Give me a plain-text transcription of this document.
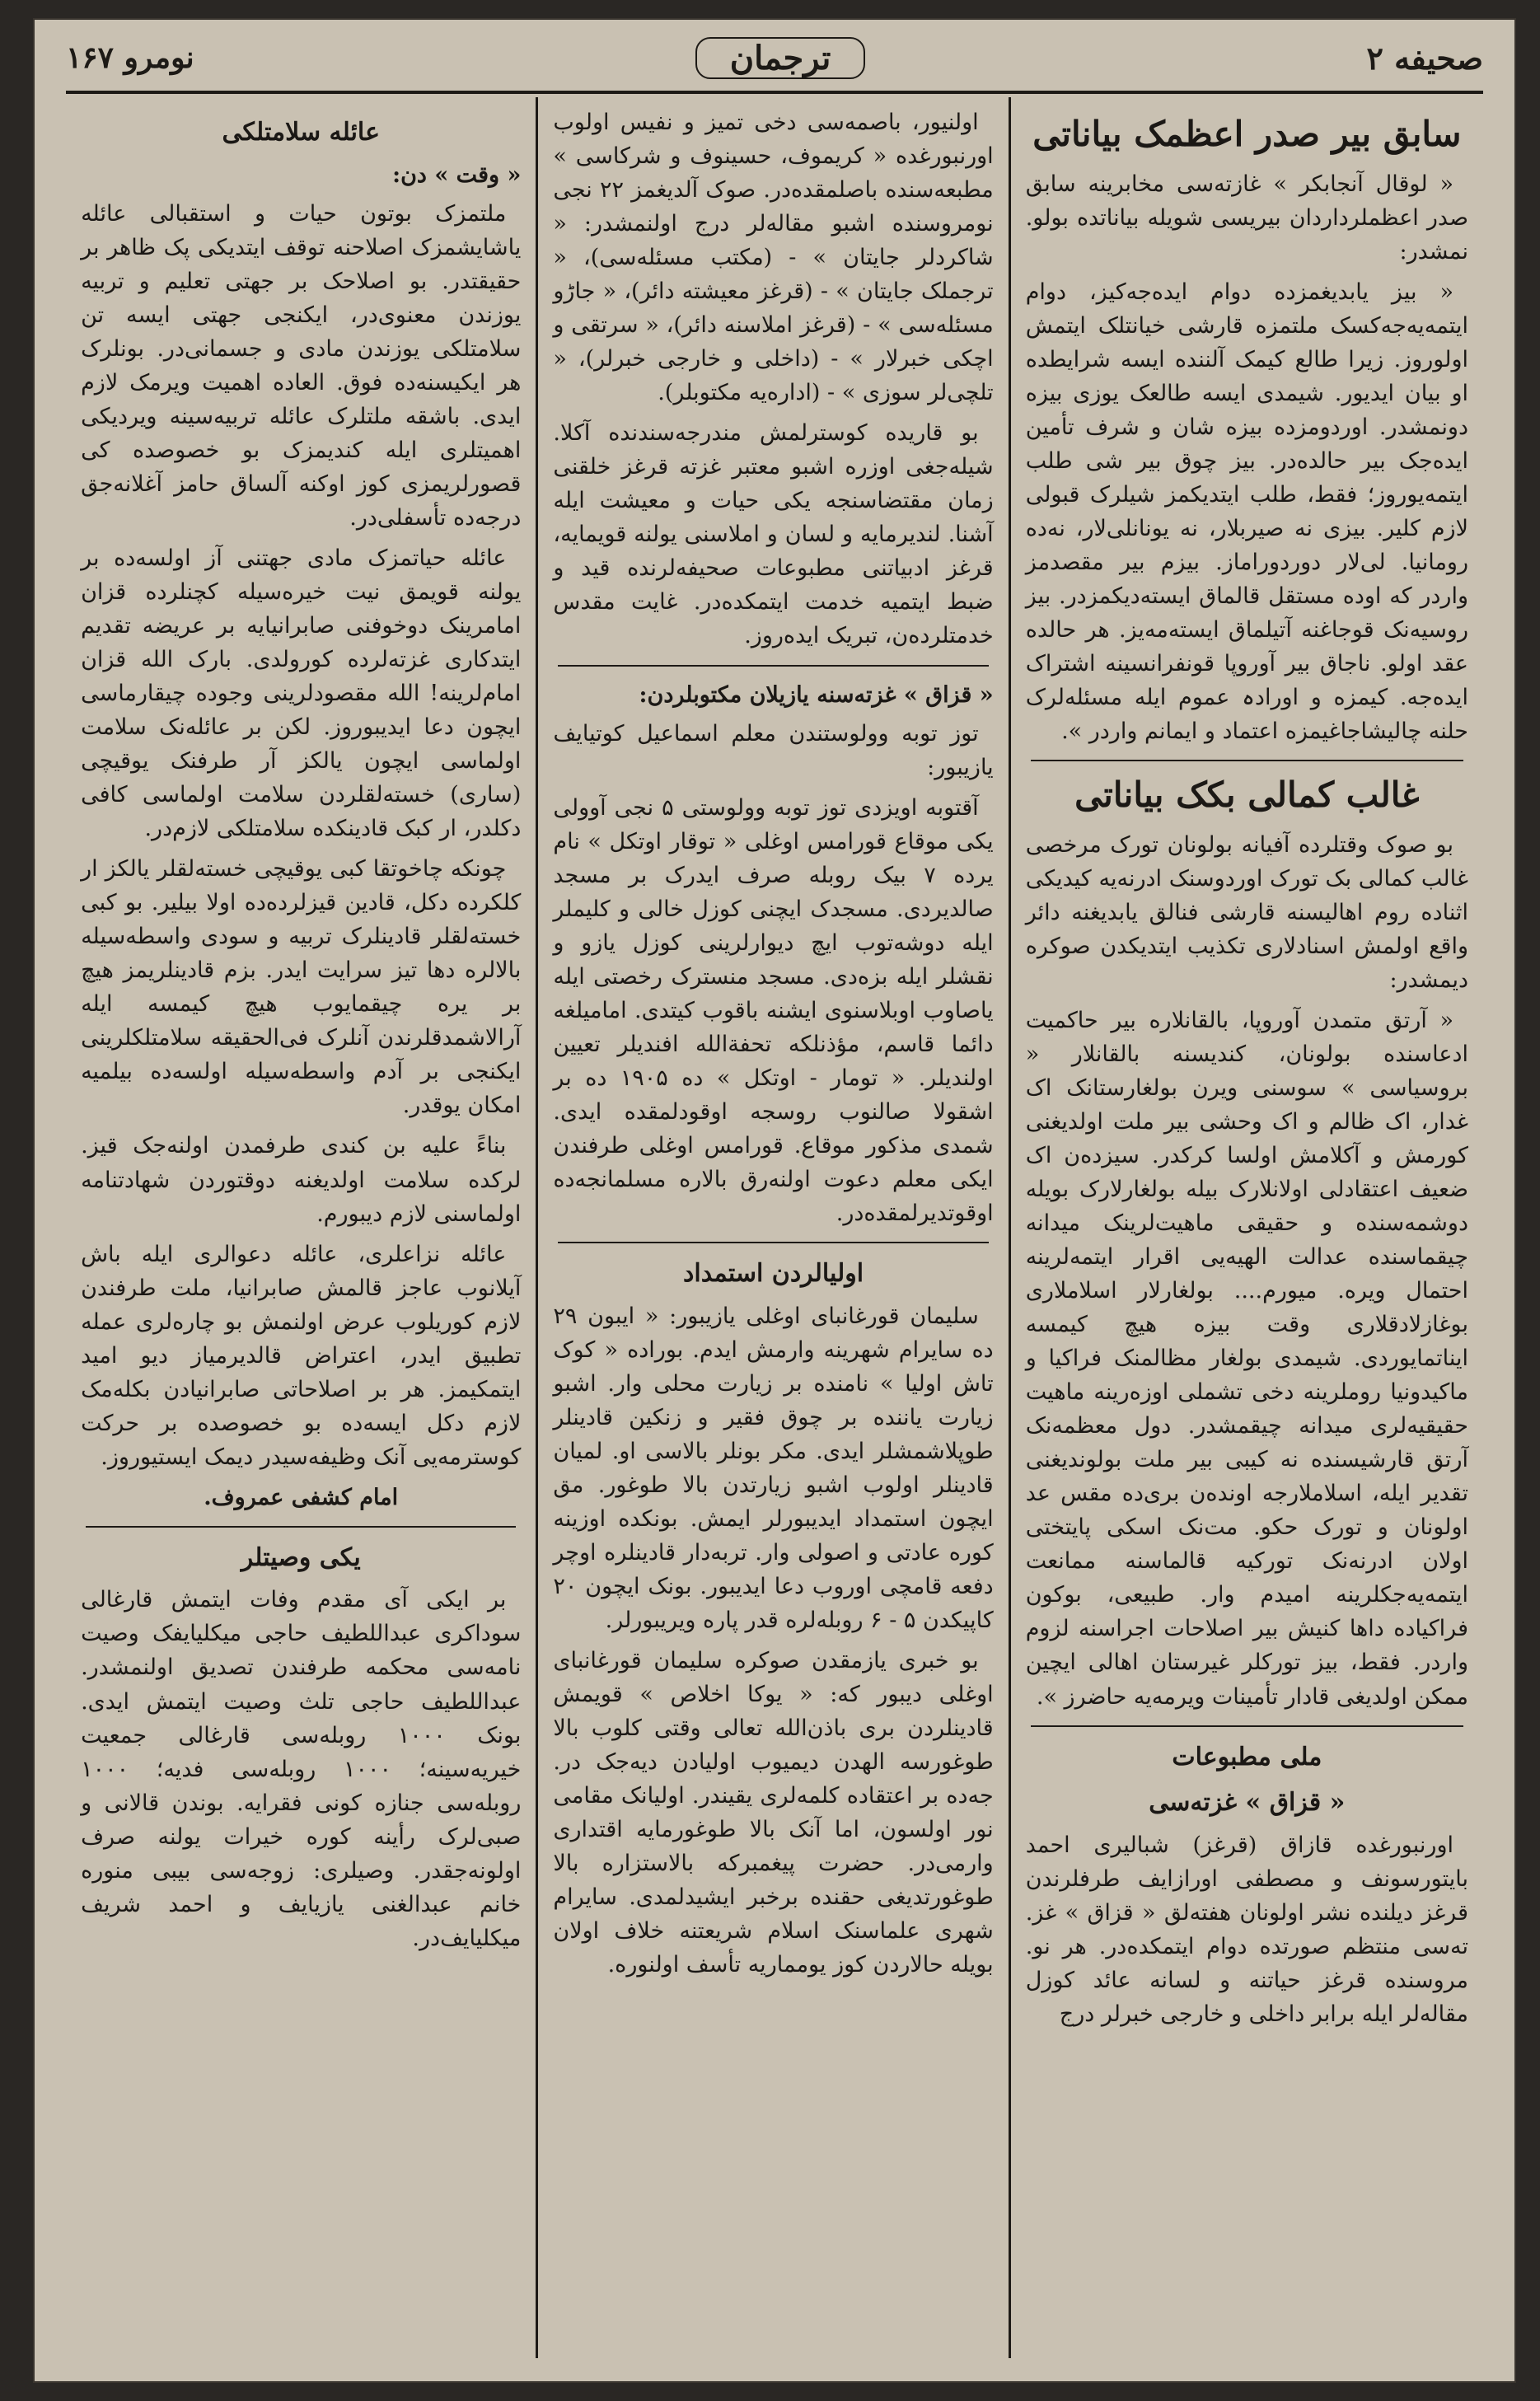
صحیفه ۲
ترجمان
نومرو ۱۶۷
سابق بیر صدر اعظمک بیاناتی

« لوقال آنجابکر » غازته‌سی مخابرینه سابق صدر اعظملرداردان بیریسی شویله بیاناتده بولو. نمشدر:

« بیز یابدیغمزده دوام ایده‌جه‌کیز، دوام ایتمه‌یه‌جه‌کسک ملتمزه قارشی خیانتلک ایتمش اولوروز. زیرا طالع کیمک آلننده ایسه شرایطده او بیان ایدیور. شیمدی ایسه طالعک یوزی بیزه دونمشدر. اوردومزده بیزه شان و شرف تأمین ایده‌جک بیر حالده‌در. بیز چوق بیر شی طلب ایتمه‌یوروز؛ فقط، طلب ایتدیکمز شیلرک قبولی لازم کلیر. بیزی نه صیربلار، نه یونانلی‌لار، نه‌ده رومانیا. لی‌لار دوردوراماز. بیزم بیر مقصدمز واردر که اوده مستقل قالماق ایسته‌دیکمزدر. بیز روسیه‌نک قوجاغنه آتیلماق ایسته‌مه‌یز. هر حالده عقد اولو. ناجاق بیر آوروپا قونفرانسینه اشتراک ایده‌جه. کیمزه و اورادہ عموم ایله مسئله‌لرک حلنه چالیشاجاغیمزه اعتماد و ایمانم واردر ».

غالب کمالی بکک بیاناتی

بو صوک وقتلرده آفیانه بولونان تورک مرخصی غالب کمالی بک تورک اوردوسنک ادرنه‌یه کیدیکی اثناده روم اهالیسنه قارشی فنالق یابدیغنه دائر واقع اولمش اسنادلاری تکذیب ایتدیکدن صوکره دیمشدر:

« آرتق متمدن آوروپا، بالقانلاره بیر حاکمیت ادعاسنده بولونان، کندیسنه بالقانلار « بروسیاسی » سوسنی ویرن بولغارستانک اک غدار، اک ظالم و اک وحشی بیر ملت اولدیغنی کورمش و آکلامش اولسا کرکدر. سیزده‌ن اک ضعیف اعتقادلی اولانلارک بیله بولغارلارک بویله دوشمه‌سنده و حقیقی ماهیت‌لرینک میدانه چیقماسنده عدالت الهیه‌یی اقرار ایتمه‌لرینه احتمال ویره. میورم.... بولغارلار اسلاملاری بوغازلادقلاری وقت بیزه هیچ کیمسه ایناتمایوردی. شیمدی بولغار مظالمنک فراکیا و ماکیدونیا روملرینه دخی تشملی اوزه‌رینه ماهیت حقیقیه‌لری میدانه چیقمشدر. دول معظمه‌نک آرتق قارشیسنده نه کیبی بیر ملت بولوندیغنی تقدیر ایله، اسلاملارجه اونده‌ن بری‌ده مقس عد اولونان و تورک حکو. مت‌نک اسکی پایتختی اولان ادرنه‌نک تورکیه قالماسنه ممانعت ایتمه‌یه‌جکلرینه امیدم وار. طبیعی، بوکون فراکیاده داها کنیش بیر اصلاحات اجراسنه لزوم واردر. فقط، بیز تورکلر غیرستان اهالی ایچین ممکن اولدیغی قادار تأمینات ویرمه‌یه حاضرز ».

ملی مطبوعات
« قزاق » غزته‌سی

اورنبورغده قازاق (قرغز) شبالیری احمد بایتورسونف و مصطفی اورازایف طرفلرندن قرغز دیلنده نشر اولونان هفته‌لق « قزاق » غز. ته‌سی منتظم صورتده دوام ایتمکده‌در. هر نو. مروسنده قرغز حیاتنه و لسانه عائد کوزل مقاله‌لر ایله برابر داخلی و خارجی خبرلر درج

اولنیور، باصمه‌سی دخی تمیز و نفیس اولوب اورنبورغده « کریموف، حسینوف و شرکاسی » مطبعه‌سنده باصلمقده‌در. صوک آلدیغمز ۲۲ نجی نومروسنده اشبو مقاله‌لر درج اولنمشدر: « شاکردلر جایتان » - (مکتب مسئله‌سی)، « ترجملک جایتان » - (قرغز معیشته دائر)، « جاڑو مسئله‌سی » - (قرغز املاسنه دائر)، « سرتقی و اچکی خبرلار » - (داخلی و خارجی خبرلر)، « تلچی‌لر سوزی » - (اداره‌یه مکتوبلر).

بو قاریده کوسترلمش مندرجه‌سندنده آکلا. شیله‌جغی اوزره اشبو معتبر غزته قرغز خلقنی زمان مقتضاسنجه یکی حیات و معیشت ایله آشنا. لندیرمایه و لسان و املاسنی یولنه قویمایه، قرغز ادبیاتنی مطبوعات صحیفه‌لرنده قید و ضبط ایتمیه خدمت ایتمکده‌در. غایت مقدس خدمتلرده‌ن، تبریک ایده‌روز.

« قزاق » غزته‌سنه یازیلان مکتوبلردن:

توز توبه وولوستندن معلم اسماعیل کوتیایف یازیبور:

آقتوبه اویزدی توز توبه وولوستی ۵ نجی آوولی یکی موقاع قورامس اوغلی « توقار اوتکل » نام یرده ۷ بیک روبله صرف ایدرک بر مسجد صالدیردی. مسجدک ایچنی کوزل خالی و کلیملر ایله دوشه‌توب ایچ دیوارلرینی کوزل یازو و نقشلر ایله بزه‌دی. مسجد منسترک رخصتی ایله یاصاوب اوبلاسنوی ایشنه باقوب کیتدی. امامیلغه دائما قاسم، مؤذنلکه تحفةالله افندیلر تعیین اولندیلر. « تومار - اوتکل » ده ۱۹۰۵ ده بر اشقولا صالنوب روسجه اوقودلمقده ایدی. شمدی مذکور موقاع. قورامس اوغلی طرفندن ایکی معلم دعوت اولنه‌رق بالاره مسلمانجه‌ده اوقوتدیرلمقده‌در.

اولیالردن استمداد

سلیمان قورغانبای اوغلی یازیبور: « ایبون ۲۹ ده سایرام شهرینه وارمش ایدم. بوراده « کوک تاش اولیا » نامنده بر زیارت محلی وار. اشبو زیارت یاننده بر چوق فقیر و زنکین قادینلر طوپلاشمشلر ایدی. مکر بونلر بالاسی او. لمیان قادینلر اولوب اشبو زیارتدن بالا طوغور. مق ایچون استمداد ایدیبورلر ایمش. بونکده اوزینه کوره عادتی و اصولی وار. تربه‌دار قادینلره اوچر دفعه قامچی اوروب دعا ایدیبور. بونک ایچون ۲۰ کاپیکدن ۵ - ۶ روبله‌لره قدر پاره ویریبورلر.

بو خبری یازمقدن صوکره سلیمان قورغانبای اوغلی دیبور که: « یوکا اخلاص » قویمش قادینلردن بری باذن‌الله تعالی وقتی کلوب بالا طوغورسه الهدن دیمیوب اولیادن دیه‌جک در. جه‌ده بر اعتقاده کلمه‌لری یقیندر. اولیانک مقامی نور اولسون، اما آنک بالا طوغورمایه اقتداری وارمی‌در. حضرت پیغمبرکه بالاستزاره بالا طوغورتدیغی حقنده برخبر ایشیدلمدی. سایرام شهری علماسنک اسلام شریعتنه خلاف اولان بویله حالاردن کوز یومماریه تأسف اولنوره.

عائله سلامتلکی
« وقت » دن:

ملتمزک بوتون حیات و استقبالی عائله یاشایشمزک اصلاحنه توقف ایتدیکی پک ظاهر بر حقیقتدر. بو اصلاحک بر جهتی تعلیم و تربیه یوزندن معنوی‌در، ایکنجی جهتی ایسه تن سلامتلکی یوزندن مادی و جسمانی‌در. بونلرک هر ایکیسنه‌ده فوق. العاده اهمیت ویرمک لازم ایدی. باشقه ملتلرک عائله تربیه‌سینه ویردیکی اهمیتلری ایله کندیمزک بو خصوصده کی قصورلریمزی کوز اوکنه آلساق حامز آغلانه‌جق درجه‌ده تأسفلی‌در.

عائله حیاتمزک مادی جهتنی آز اولسه‌ده بر یولنه قویمق نیت خیره‌سیله کچنلرده قزان امامرینک دوخوفنی صابرانیایه بر عریضه تقدیم ایتدکاری غزته‌لرده کورولدی. بارک الله قزان امام‌لرینه! الله مقصودلرینی وجوده چیقارماسی ایچون دعا ایدیبوروز. لکن بر عائله‌نک سلامت اولماسی ایچون یالکز آر طرفنک یوقیچی (ساری) خسته‌لقلردن سلامت اولماسی کافی دکلدر، ار کبک قادینکده سلامتلکی لازم‌در.

چونکه چاخوتقا کبی یوقیچی خسته‌لقلر یالکز ار کلکرده دکل، قادین قیزلرده‌ده اولا بیلیر. بو کبی خسته‌لقلر قادینلرک تربیه و سودی واسطه‌سیله بالالره دها تیز سرایت ایدر. بزم قادینلریمز هیچ بر یره چیقمایوب هیچ کیمسه ایله آرالاشمدقلرندن آنلرک فی‌الحقیقه سلامتلکلرینی ایکنجی بر آدم واسطه‌سیله اولسه‌ده بیلمیه امکان یوقدر.

بناءً علیه بن کندی طرفمدن اولنه‌جک قیز. لرکده سلامت اولدیغنه دوقتوردن شهادتنامه اولماسنی لازم دیبورم.

عائله نزاعلری، عائله دعوالری ایله باش آیلانوب عاجز قالمش صابرانیا، ملت طرفندن لازم کوریلوب عرض اولنمش بو چاره‌لری عمله تطبیق ایدر، اعتراض قالدیرمیاز دیو امید ایتمکیمز. هر بر اصلاحاتی صابرانیادن بکله‌مک لازم دکل ایسه‌ده بو خصوصده بر حرکت کوسترمه‌یی آنک وظیفه‌سیدر دیمک ایستیوروز.

امام کشفی عمروف.
یکی وصیتلر

بر ایکی آی مقدم وفات ایتمش قارغالی سوداکری عبداللطیف حاجی میکلیایفک وصیت نامه‌سی محکمه طرفندن تصدیق اولنمشدر. عبداللطیف حاجی تلث وصیت ایتمش ایدی. بونک ۱۰۰۰ روبله‌سی قارغالی جمعیت خیریه‌سینه؛ ۱۰۰۰ روبله‌سی فدیه؛ ۱۰۰۰ روبله‌سی جنازه کونی فقرایه. بوندن قالانی و صبی‌لرک رأینه کوره خیرات یولنه صرف اولونه‌جقدر. وصیلری: زوجه‌سی بیبی منوره خانم عبدالغنی یازیایف و احمد شریف میکلیایف‌در.
